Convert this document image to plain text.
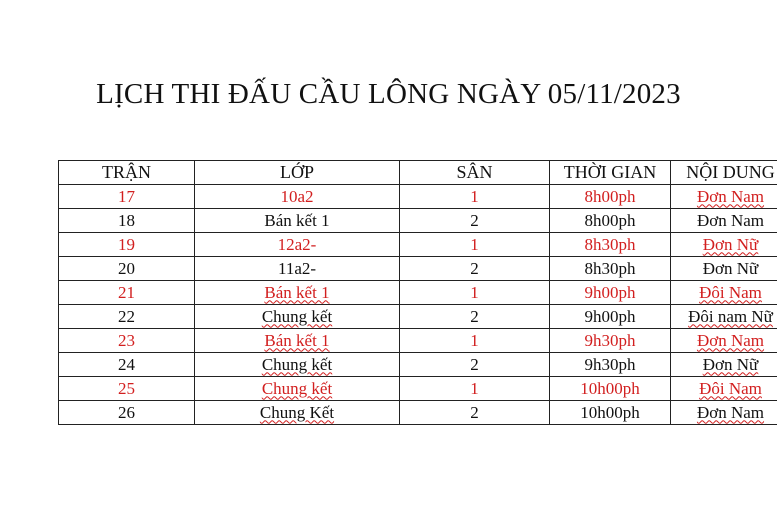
LỊCH THI ĐẤU CẦU LÔNG NGÀY 05/11/2023
TRẬN	LỚP	SÂN	THỜI GIAN	NỘI DUNG
17	10a2	1	8h00ph	Đơn Nam
18	Bán kết 1	2	8h00ph	Đơn Nam
19	12a2-	1	8h30ph	Đơn Nữ
20	11a2-	2	8h30ph	Đơn Nữ
21	Bán kết 1	1	9h00ph	Đôi Nam
22	Chung kết	2	9h00ph	Đôi nam Nữ
23	Bán kết 1	1	9h30ph	Đơn Nam
24	Chung kết	2	9h30ph	Đơn Nữ
25	Chung kết	1	10h00ph	Đôi Nam
26	Chung Kết	2	10h00ph	Đơn Nam
